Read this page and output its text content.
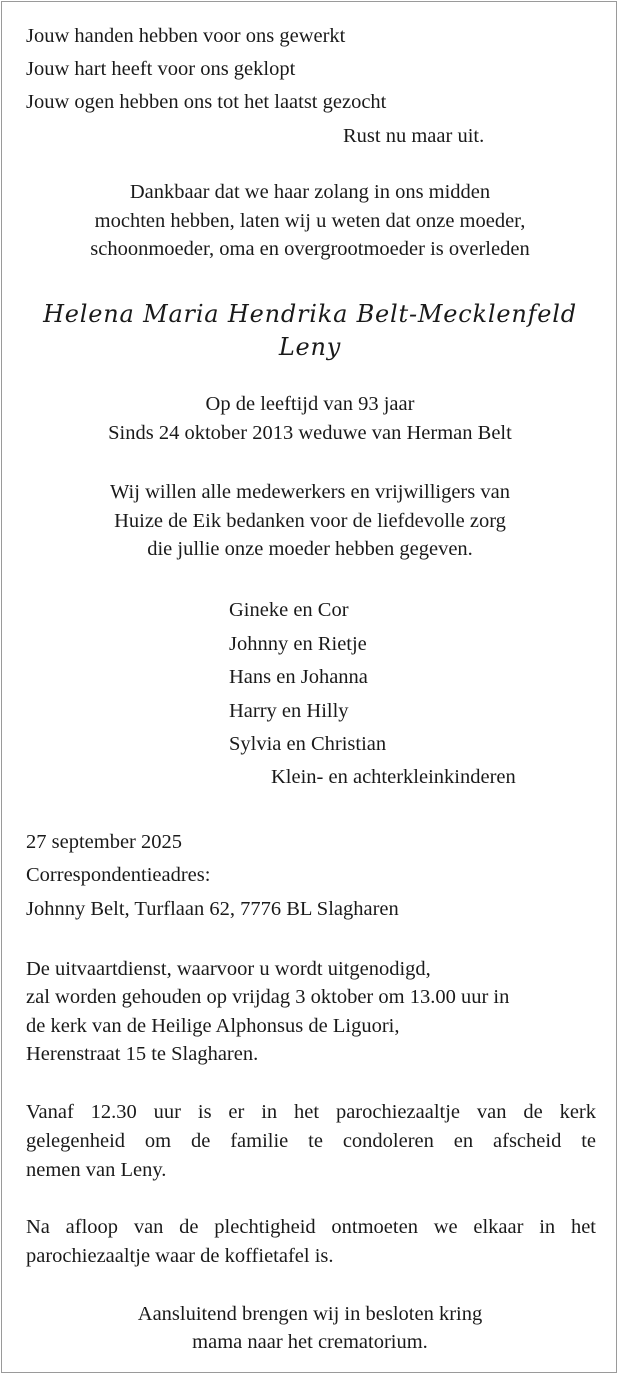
Jouw handen hebben voor ons gewerkt
Jouw hart heeft voor ons geklopt
Jouw ogen hebben ons tot het laatst gezocht
Rust nu maar uit.
Dankbaar dat we haar zolang in ons midden
mochten hebben, laten wij u weten dat onze moeder,
schoonmoeder, oma en overgrootmoeder is overleden
Helena Maria Hendrika Belt-Mecklenfeld
Leny
Op de leeftijd van 93 jaar
Sinds 24 oktober 2013 weduwe van Herman Belt
Wij willen alle medewerkers en vrijwilligers van
Huize de Eik bedanken voor de liefdevolle zorg
die jullie onze moeder hebben gegeven.
Gineke en Cor
Johnny en Rietje
Hans en Johanna
Harry en Hilly
Sylvia en Christian
Klein- en achterkleinkinderen
27 september 2025
Correspondentieadres:
Johnny Belt, Turflaan 62, 7776 BL Slagharen
De uitvaartdienst, waarvoor u wordt uitgenodigd,
zal worden gehouden op vrijdag 3 oktober om 13.00 uur in
de kerk van de Heilige Alphonsus de Liguori,
Herenstraat 15 te Slagharen.
Vanaf 12.30 uur is er in het parochiezaaltje van de kerk
gelegenheid om de familie te condoleren en afscheid te
nemen van Leny.
Na afloop van de plechtigheid ontmoeten we elkaar in het
parochiezaaltje waar de koffietafel is.
Aansluitend brengen wij in besloten kring
mama naar het crematorium.
